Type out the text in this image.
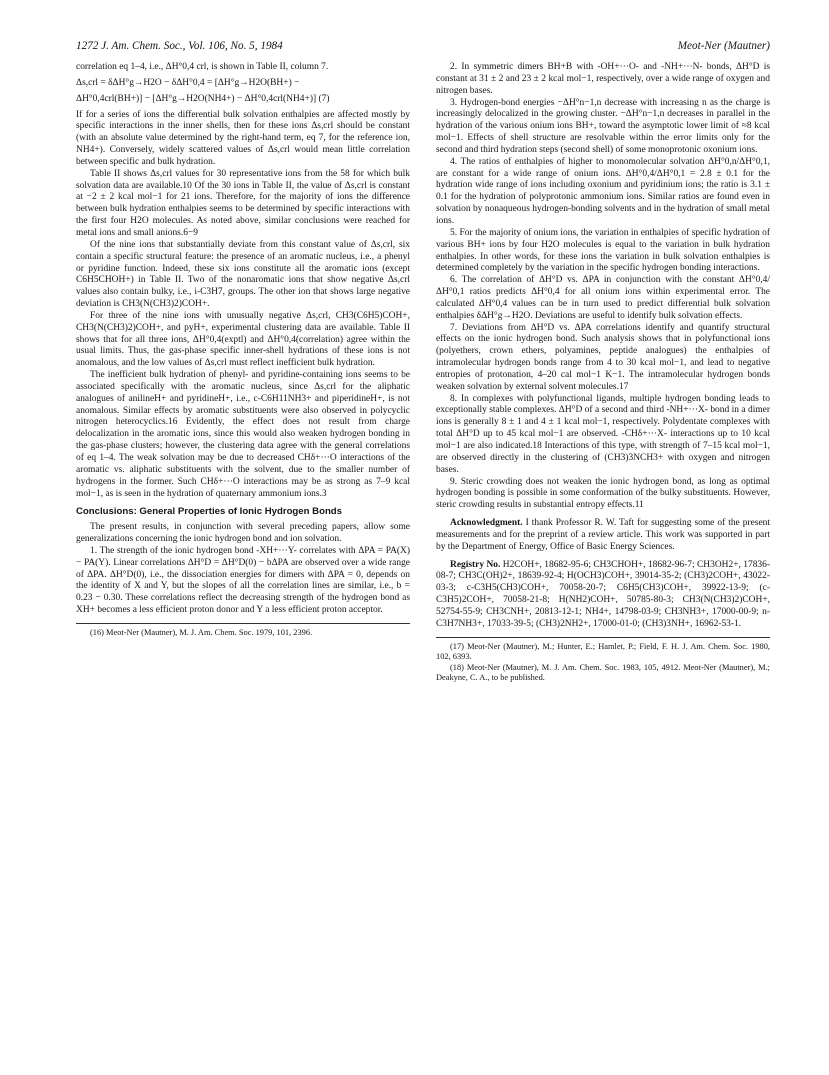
1272 J. Am. Chem. Soc., Vol. 106, No. 5, 1984	Meot-Ner (Mautner)

correlation eq 1–4, i.e., ΔH°0,4 crl, is shown in Table II, column 7.

Δs,crl = δΔH°g→H2O − δΔH°0,4 = [ΔH°g→H2O(BH+) −

ΔH°0,4crl(BH+)] − [ΔH°g→H2O(NH4+) − ΔH°0,4crl(NH4+)] (7)

If for a series of ions the differential bulk solvation enthalpies are affected mostly by specific interactions in the inner shells, then for these ions Δs,crl should be constant (with an absolute value determined by the right-hand term, eq 7, for the reference ion, NH4+). Conversely, widely scattered values of Δs,crl would mean little correlation between specific and bulk hydration.

Table II shows Δs,crl values for 30 representative ions from the 58 for which bulk solvation data are available.10 Of the 30 ions in Table II, the value of Δs,crl is constant at −2 ± 2 kcal mol−1 for 21 ions. Therefore, for the majority of ions the difference between bulk hydration enthalpies seems to be determined by specific interactions with the first four H2O molecules. As noted above, similar conclusions were reached for metal ions and small anions.6−9

Of the nine ions that substantially deviate from this constant value of Δs,crl, six contain a specific structural feature: the presence of an aromatic nucleus, i.e., a phenyl or pyridine function. Indeed, these six ions constitute all the aromatic ions (except C6H5CHOH+) in Table II. Two of the nonaromatic ions that show negative Δs,crl values also contain bulky, i.e., i-C3H7, groups. The other ion that shows large negative deviation is CH3(N(CH3)2)COH+.

For three of the nine ions with unusually negative Δs,crl, CH3(C6H5)COH+, CH3(N(CH3)2)COH+, and pyH+, experimental clustering data are available. Table II shows that for all three ions, ΔH°0,4(exptl) and ΔH°0,4(correlation) agree within the usual limits. Thus, the gas-phase specific inner-shell hydrations of these ions is not anomalous, and the low values of Δs,crl must reflect inefficient bulk hydration.

The inefficient bulk hydration of phenyl- and pyridine-containing ions seems to be associated specifically with the aromatic nucleus, since Δs,crl for the aliphatic analogues of anilineH+ and pyridineH+, i.e., c-C6H11NH3+ and piperidineH+, is not anomalous. Similar effects by aromatic substituents were also observed in polycyclic nitrogen heterocyclics.16 Evidently, the effect does not result from charge delocalization in the aromatic ions, since this would also weaken hydrogen bonding in the gas-phase clusters; however, the clustering data agree with the general correlations of eq 1–4. The weak solvation may be due to decreased CHδ+···O interactions of the aromatic vs. aliphatic substituents with the solvent, due to the smaller number of hydrogens in the former. Such CHδ+···O interactions may be as strong as 7–9 kcal mol−1, as is seen in the hydration of quaternary ammonium ions.3

Conclusions: General Properties of Ionic Hydrogen Bonds

The present results, in conjunction with several preceding papers, allow some generalizations concerning the ionic hydrogen bond and ion solvation.

1. The strength of the ionic hydrogen bond -XH+···Y- correlates with ΔPA = PA(X) − PA(Y). Linear correlations ΔH°D = ΔH°D(0) − bΔPA are observed over a wide range of ΔPA. ΔH°D(0), i.e., the dissociation energies for dimers with ΔPA = 0, depends on the identity of X and Y, but the slopes of all the correlation lines are similar, i.e., b = 0.23 − 0.30. These correlations reflect the decreasing strength of the hydrogen bond as XH+ becomes a less efficient proton donor and Y a less efficient proton acceptor.

(16) Meot-Ner (Mautner), M. J. Am. Chem. Soc. 1979, 101, 2396.

2. In symmetric dimers BH+B with -OH+···O- and -NH+···N- bonds, ΔH°D is constant at 31 ± 2 and 23 ± 2 kcal mol−1, respectively, over a wide range of oxygen and nitrogen bases.

3. Hydrogen-bond energies −ΔH°n−1,n decrease with increasing n as the charge is increasingly delocalized in the growing cluster. −ΔH°n−1,n decreases in parallel in the hydration of the various onium ions BH+, toward the asymptotic lower limit of ≈8 kcal mol−1. Effects of shell structure are resolvable within the error limits only for the second and third hydration steps (second shell) of some monoprotonic oxonium ions.

4. The ratios of enthalpies of higher to monomolecular solvation ΔH°0,n/ΔH°0,1, are constant for a wide range of onium ions. ΔH°0,4/ΔH°0,1 = 2.8 ± 0.1 for the hydration wide range of ions including oxonium and pyridinium ions; the ratio is 3.1 ± 0.1 for the hydration of polyprotonic ammonium ions. Similar ratios are found even in solvation by nonaqueous hydrogen-bonding solvents and in the hydration of small metal ions.

5. For the majority of onium ions, the variation in enthalpies of specific hydration of various BH+ ions by four H2O molecules is equal to the variation in bulk hydration enthalpies. In other words, for these ions the variation in bulk solvation enthalpies is determined completely by the variation in the specific hydrogen bonding interactions.

6. The correlation of ΔH°D vs. ΔPA in conjunction with the constant ΔH°0,4/ΔH°0,1 ratios predicts ΔH°0,4 for all onium ions within experimental error. The calculated ΔH°0,4 values can be in turn used to predict differential bulk solvation enthalpies δΔH°g→H2O. Deviations are useful to identify bulk solvation effects.

7. Deviations from ΔH°D vs. ΔPA correlations identify and quantify structural effects on the ionic hydrogen bond. Such analysis shows that in polyfunctional ions (polyethers, crown ethers, polyamines, peptide analogues) the enthalpies of intramolecular hydrogen bonds range from 4 to 30 kcal mol−1, and lead to negative entropies of protonation, 4–20 cal mol−1 K−1. The intramolecular hydrogen bonds weaken solvation by external solvent molecules.17

8. In complexes with polyfunctional ligands, multiple hydrogen bonding leads to exceptionally stable complexes. ΔH°D of a second and third -NH+···X- bond in a dimer ions is generally 8 ± 1 and 4 ± 1 kcal mol−1, respectively. Polydentate complexes with total ΔH°D up to 45 kcal mol−1 are observed. -CHδ+···X- interactions up to 10 kcal mol−1 are also indicated.18 Interactions of this type, with strength of 7–15 kcal mol−1, are observed directly in the clustering of (CH3)3NCH3+ with oxygen and nitrogen bases.

9. Steric crowding does not weaken the ionic hydrogen bond, as long as optimal hydrogen bonding is possible in some conformation of the bulky substituents. However, steric crowding results in substantial entropy effects.11

Acknowledgment. I thank Professor R. W. Taft for suggesting some of the present measurements and for the preprint of a review article. This work was supported in part by the Department of Energy, Office of Basic Energy Sciences.

Registry No. H2COH+, 18682-95-6; CH3CHOH+, 18682-96-7; CH3OH2+, 17836-08-7; CH3C(OH)2+, 18639-92-4; H(OCH3)COH+, 39014-35-2; (CH3)2COH+, 43022-03-3; c-C3H5(CH3)COH+, 70058-20-7; C6H5(CH3)COH+, 39922-13-9; (c-C3H5)2COH+, 70058-21-8; H(NH2)COH+, 50785-80-3; CH3(N(CH3)2)COH+, 52754-55-9; CH3CNH+, 20813-12-1; NH4+, 14798-03-9; CH3NH3+, 17000-00-9; n-C3H7NH3+, 17033-39-5; (CH3)2NH2+, 17000-01-0; (CH3)3NH+, 16962-53-1.

(17) Meot-Ner (Mautner), M.; Hunter, E.; Hamlet, P.; Field, F. H. J. Am. Chem. Soc. 1980, 102, 6393.

(18) Meot-Ner (Mautner), M. J. Am. Chem. Soc. 1983, 105, 4912. Meot-Ner (Mautner), M.; Deakyne, C. A., to be published.
